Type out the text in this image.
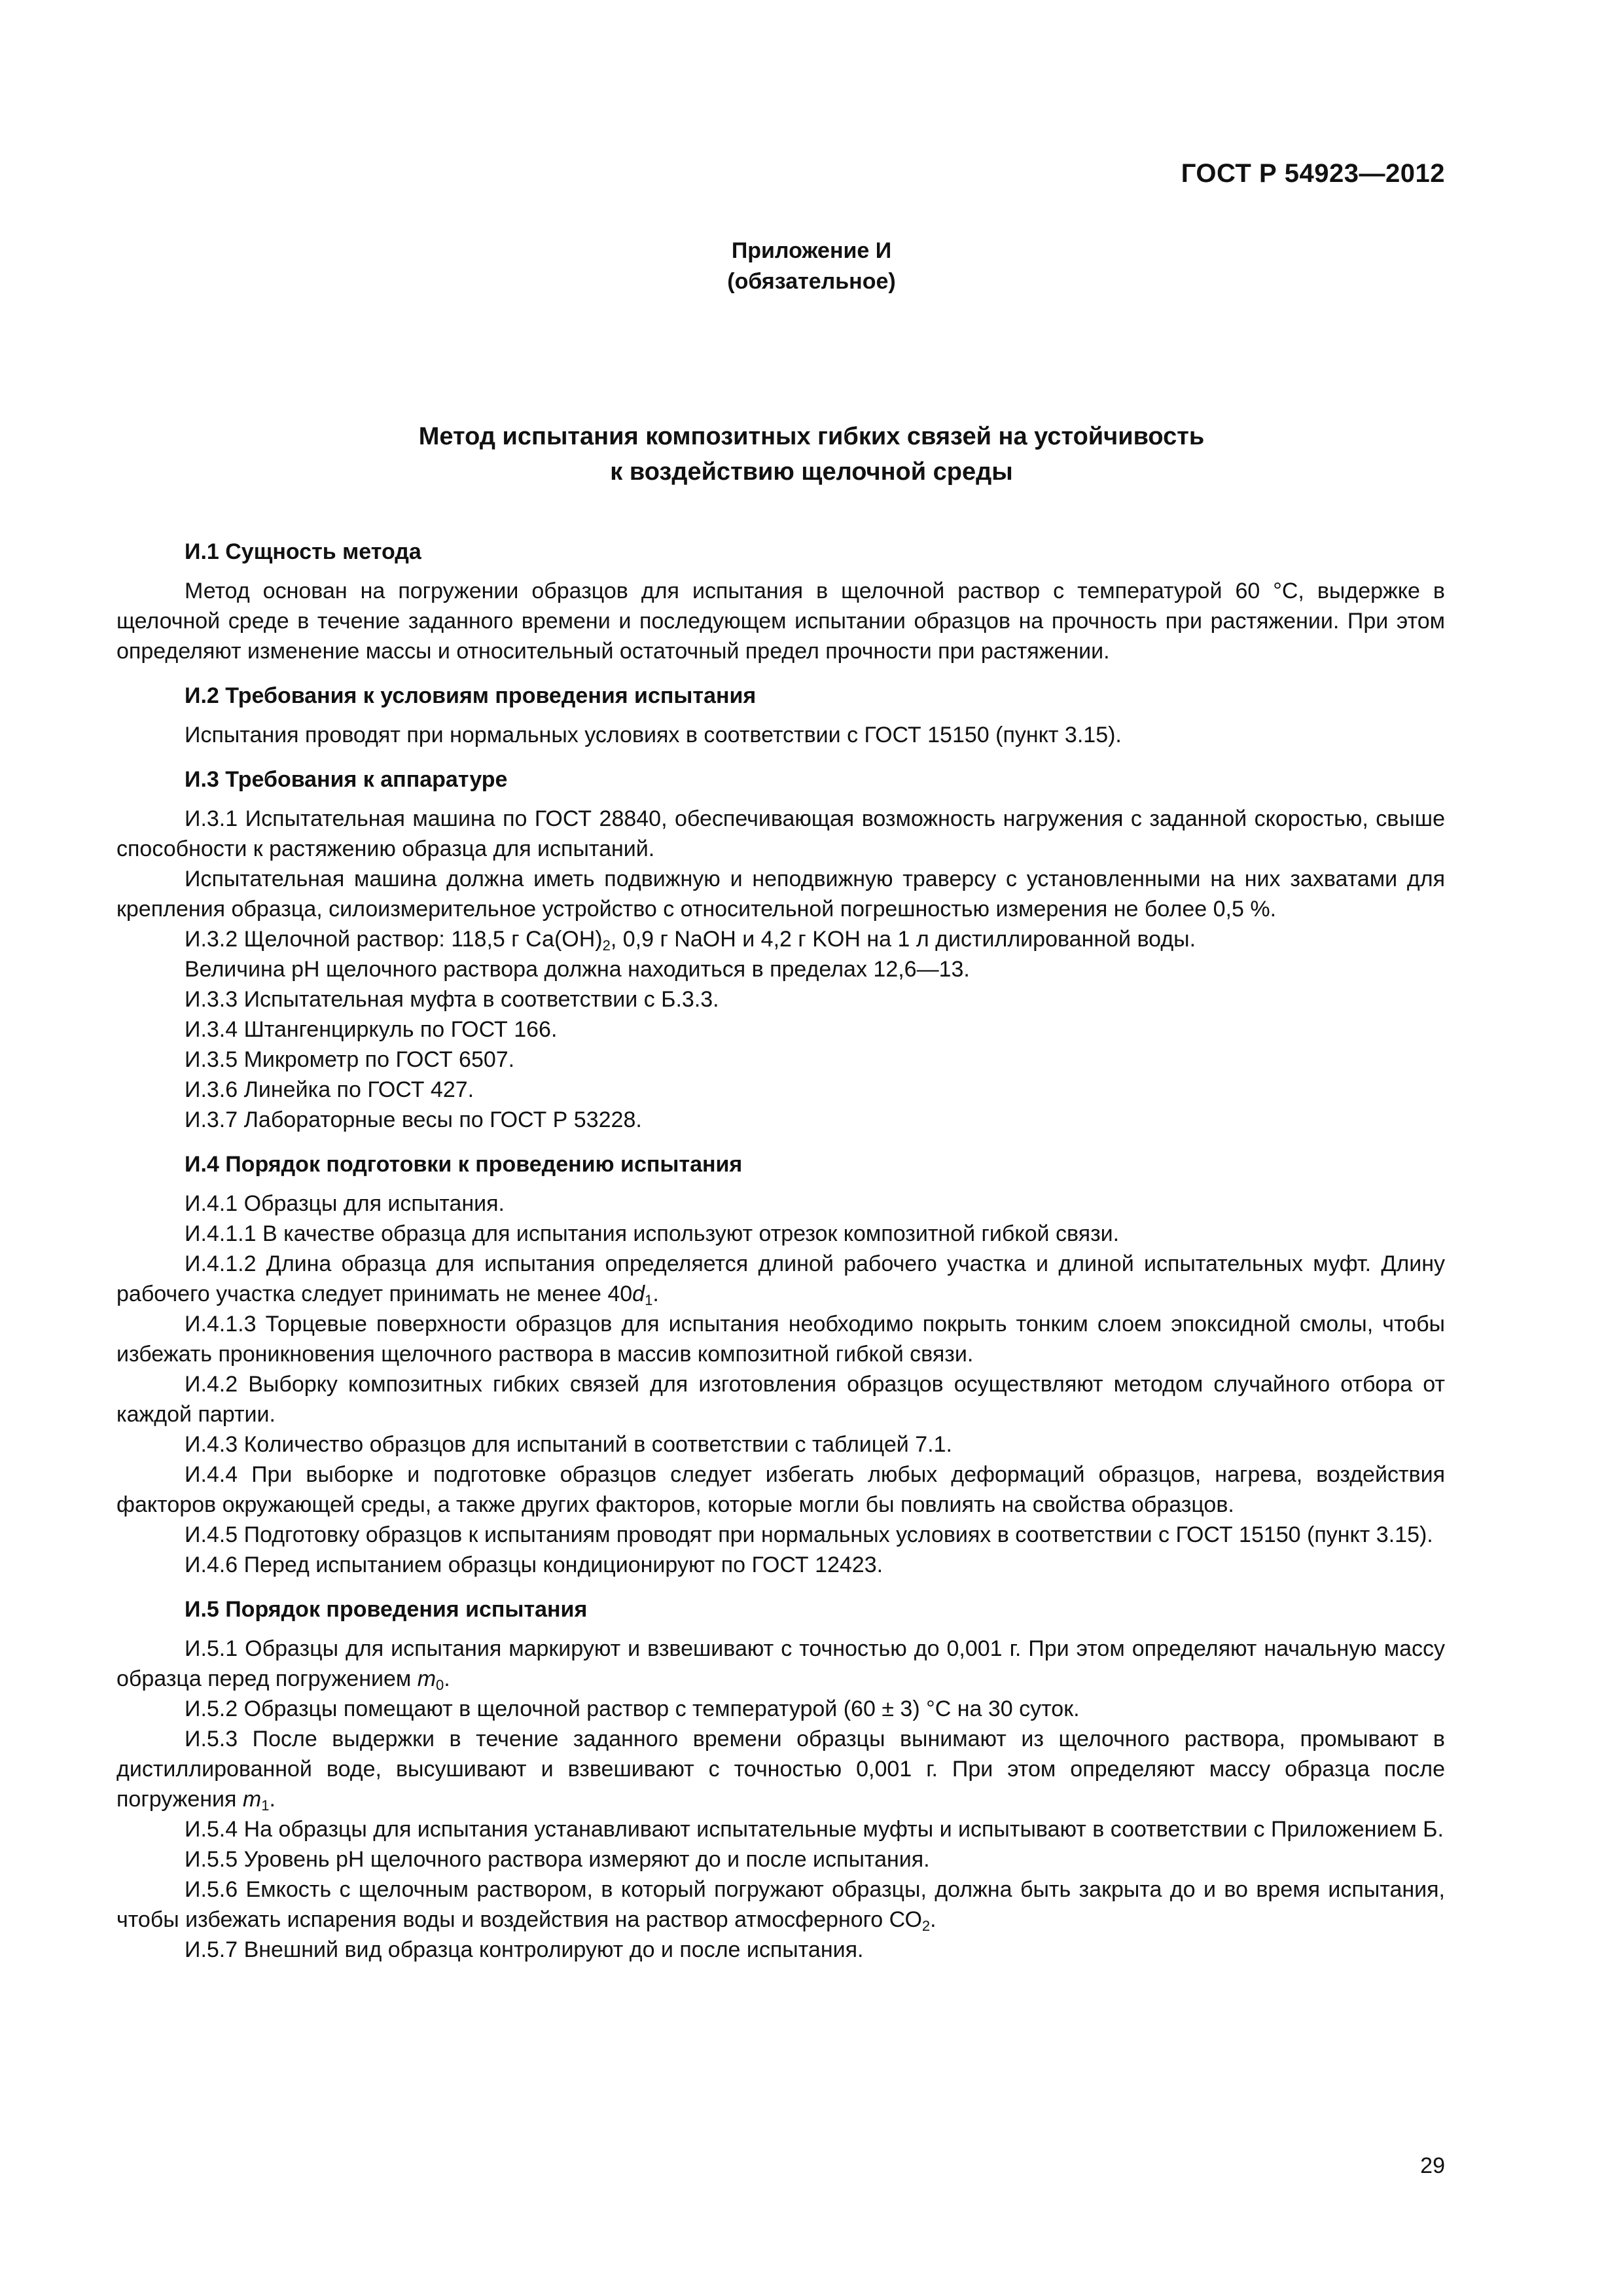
ГОСТ Р 54923—2012
Приложение И
(обязательное)
Метод испытания композитных гибких связей на устойчивость
к воздействию щелочной среды
И.1 Сущность метода

Метод основан на погружении образцов для испытания в щелочной раствор с температурой 60 °С, выдержке в щелочной среде в течение заданного времени и последующем испытании образцов на прочность при растяжении. При этом определяют изменение массы и относительный остаточный предел прочности при растяжении.

И.2 Требования к условиям проведения испытания

Испытания проводят при нормальных условиях в соответствии с ГОСТ 15150 (пункт 3.15).

И.3 Требования к аппаратуре

И.3.1 Испытательная машина по ГОСТ 28840, обеспечивающая возможность нагружения с заданной скоростью, свыше способности к растяжению образца для испытаний.

Испытательная машина должна иметь подвижную и неподвижную траверсу с установленными на них захватами для крепления образца, силоизмерительное устройство с относительной погрешностью измерения не более 0,5 %.

И.3.2 Щелочной раствор: 118,5 г $Са(ОН)_2$, 0,9 г NaOH и 4,2 г KOH на 1 л дистиллированной воды.

Величина рН щелочного раствора должна находиться в пределах 12,6—13.

И.3.3 Испытательная муфта в соответствии с Б.3.3.

И.3.4 Штангенциркуль по ГОСТ 166.

И.3.5 Микрометр по ГОСТ 6507.

И.3.6 Линейка по ГОСТ 427.

И.3.7 Лабораторные весы по ГОСТ Р 53228.

И.4 Порядок подготовки к проведению испытания

И.4.1 Образцы для испытания.

И.4.1.1 В качестве образца для испытания используют отрезок композитной гибкой связи.

И.4.1.2 Длина образца для испытания определяется длиной рабочего участка и длиной испытательных муфт. Длину рабочего участка следует принимать не менее $40d_1$.

И.4.1.3 Торцевые поверхности образцов для испытания необходимо покрыть тонким слоем эпоксидной смолы, чтобы избежать проникновения щелочного раствора в массив композитной гибкой связи.

И.4.2 Выборку композитных гибких связей для изготовления образцов осуществляют методом случайного отбора от каждой партии.

И.4.3 Количество образцов для испытаний в соответствии с таблицей 7.1.

И.4.4 При выборке и подготовке образцов следует избегать любых деформаций образцов, нагрева, воздействия факторов окружающей среды, а также других факторов, которые могли бы повлиять на свойства образцов.

И.4.5 Подготовку образцов к испытаниям проводят при нормальных условиях в соответствии с ГОСТ 15150 (пункт 3.15).

И.4.6 Перед испытанием образцы кондиционируют по ГОСТ 12423.

И.5 Порядок проведения испытания

И.5.1 Образцы для испытания маркируют и взвешивают с точностью до 0,001 г. При этом определяют начальную массу образца перед погружением $m_0$.

И.5.2 Образцы помещают в щелочной раствор с температурой (60 ± 3) °С на 30 суток.

И.5.3 После выдержки в течение заданного времени образцы вынимают из щелочного раствора, промывают в дистиллированной воде, высушивают и взвешивают с точностью 0,001 г. При этом определяют массу образца после погружения $m_1$.

И.5.4 На образцы для испытания устанавливают испытательные муфты и испытывают в соответствии с Приложением Б.

И.5.5 Уровень рН щелочного раствора измеряют до и после испытания.

И.5.6 Емкость с щелочным раствором, в который погружают образцы, должна быть закрыта до и во время испытания, чтобы избежать испарения воды и воздействия на раствор атмосферного $СО_2$.

И.5.7 Внешний вид образца контролируют до и после испытания.

29
